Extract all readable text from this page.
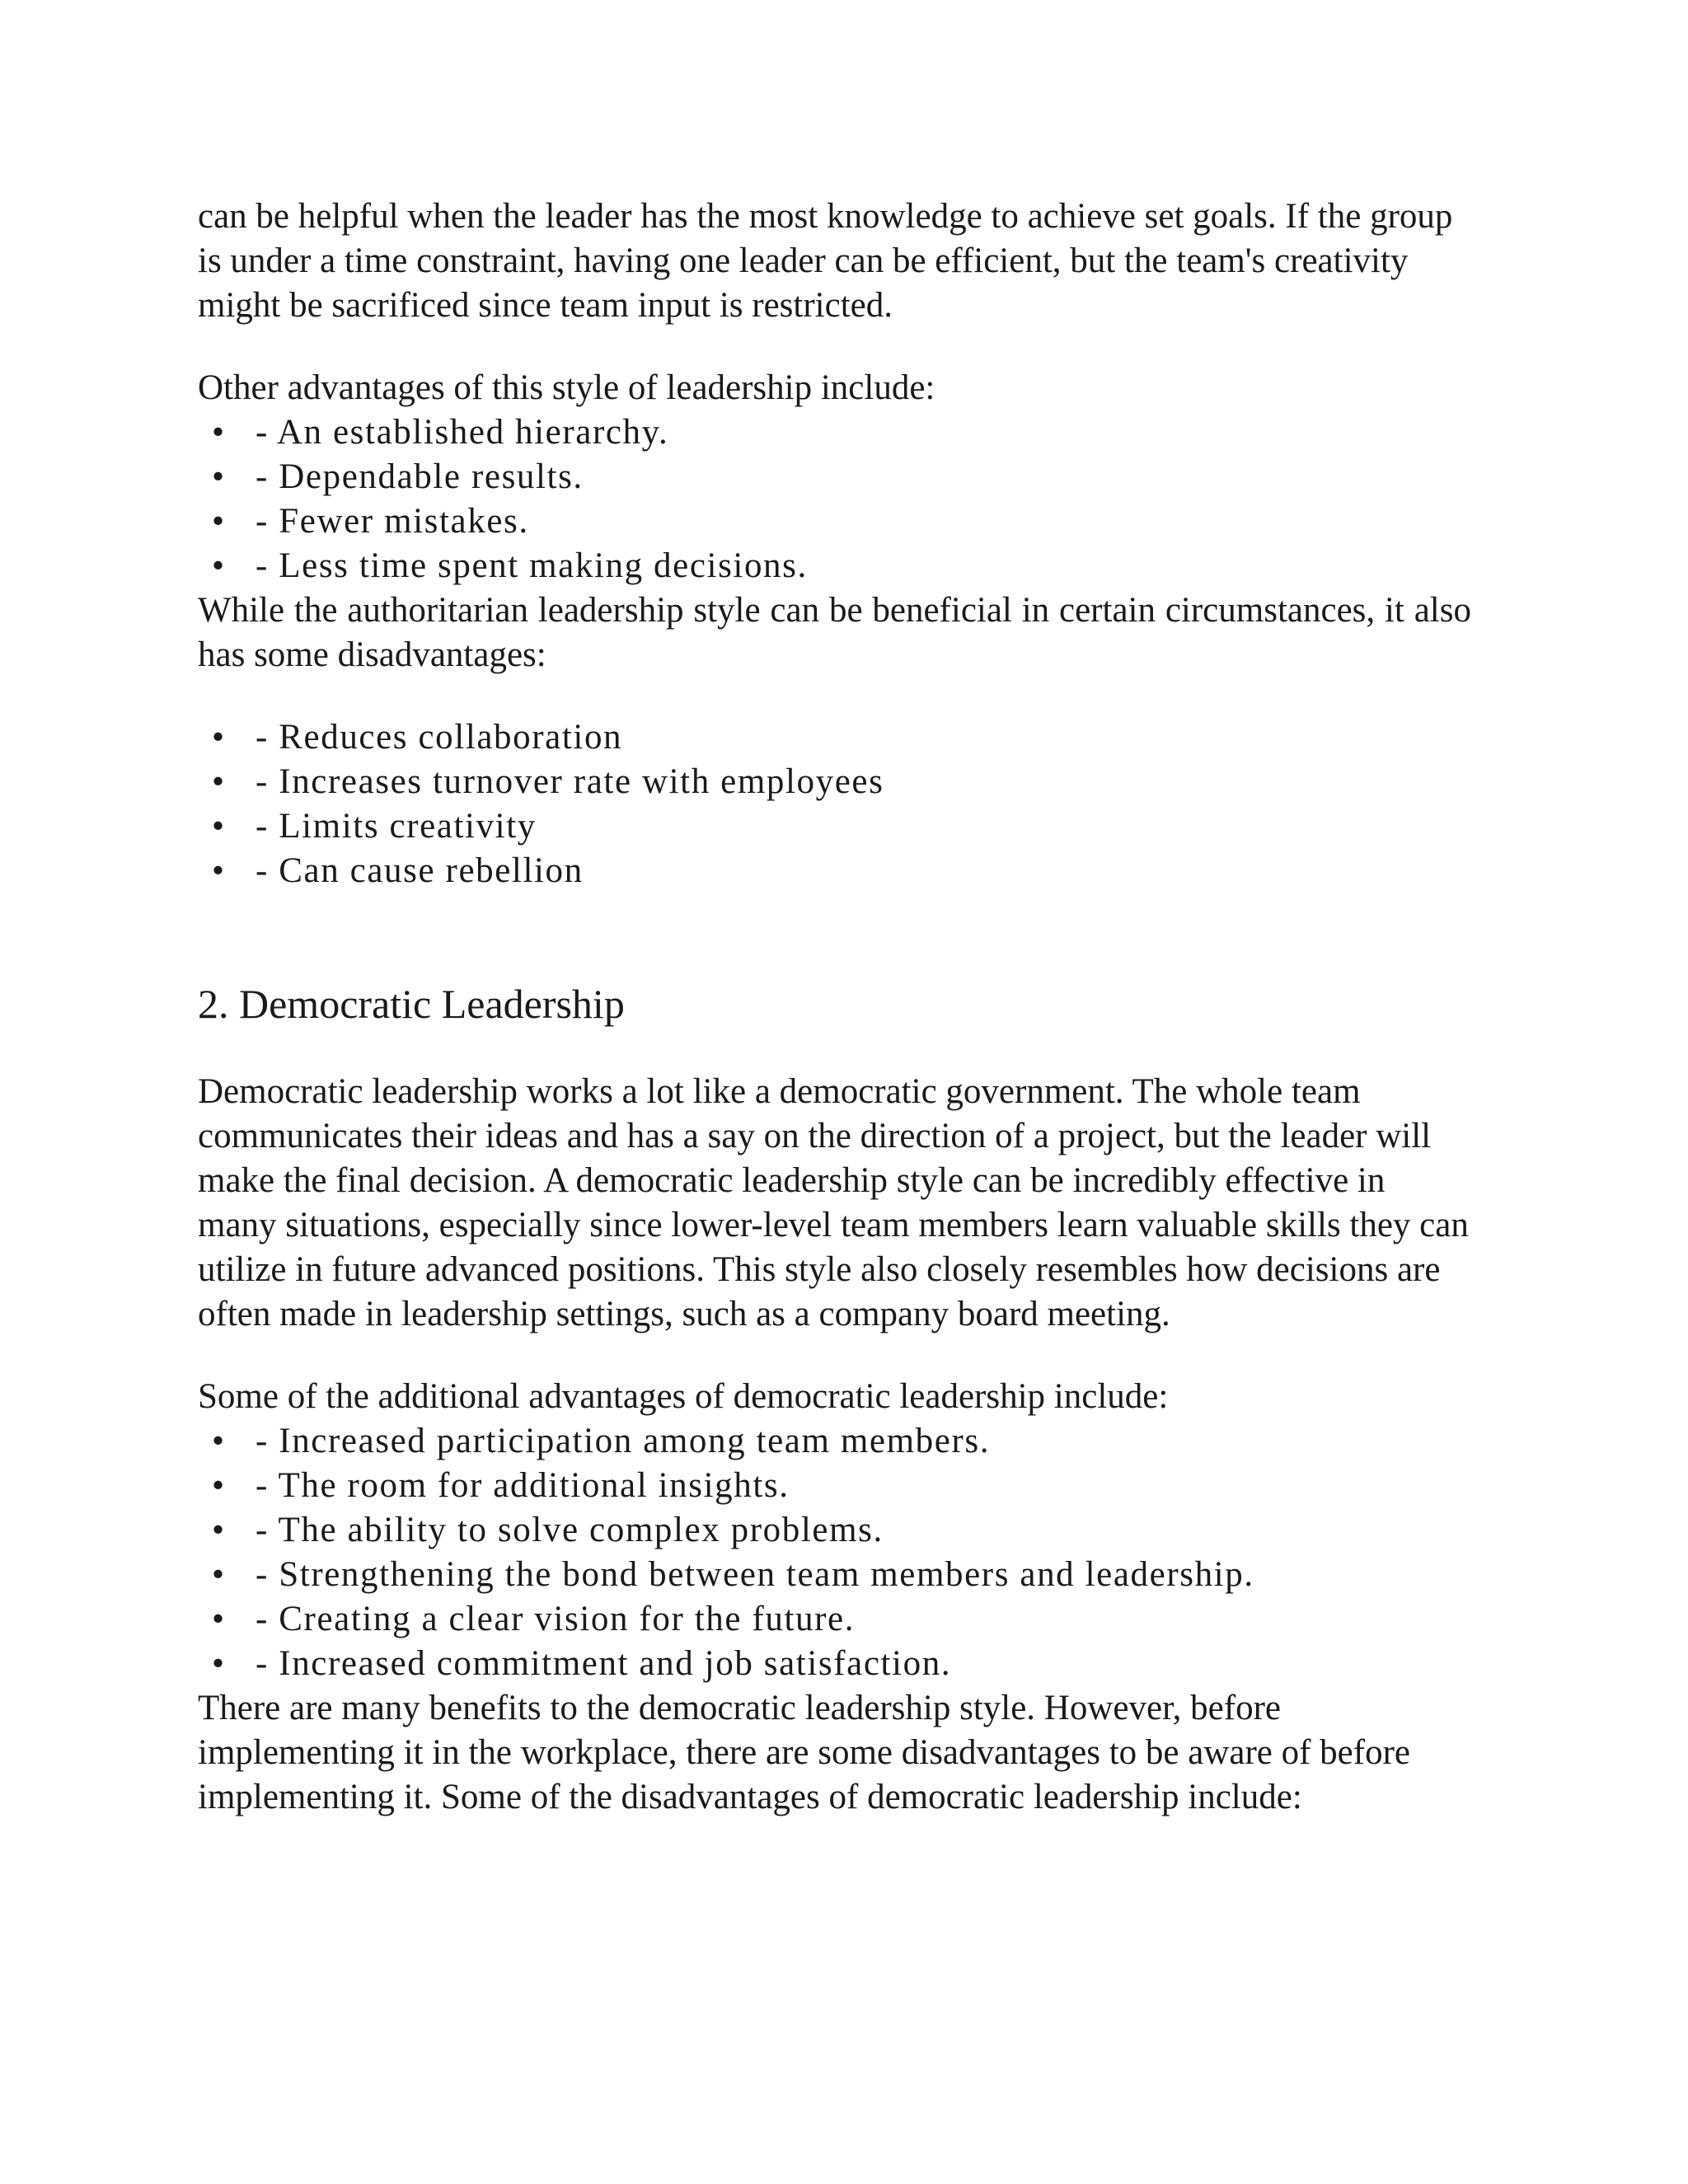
can be helpful when the leader has the most knowledge to achieve set goals. If the group is under a time constraint, having one leader can be efficient, but the team's creativity might be sacrificed since team input is restricted.

Other advantages of this style of leadership include:

• - An established hierarchy.
• - Dependable results.
• - Fewer mistakes.
• - Less time spent making decisions.

While the authoritarian leadership style can be beneficial in certain circumstances, it also has some disadvantages:

• - Reduces collaboration
• - Increases turnover rate with employees
• - Limits creativity
• - Can cause rebellion
2. Democratic Leadership

Democratic leadership works a lot like a democratic government. The whole team communicates their ideas and has a say on the direction of a project, but the leader will make the final decision. A democratic leadership style can be incredibly effective in many situations, especially since lower-level team members learn valuable skills they can utilize in future advanced positions. This style also closely resembles how decisions are often made in leadership settings, such as a company board meeting.

Some of the additional advantages of democratic leadership include:

• - Increased participation among team members.
• - The room for additional insights.
• - The ability to solve complex problems.
• - Strengthening the bond between team members and leadership.
• - Creating a clear vision for the future.
• - Increased commitment and job satisfaction.

There are many benefits to the democratic leadership style. However, before implementing it in the workplace, there are some disadvantages to be aware of before implementing it. Some of the disadvantages of democratic leadership include:
